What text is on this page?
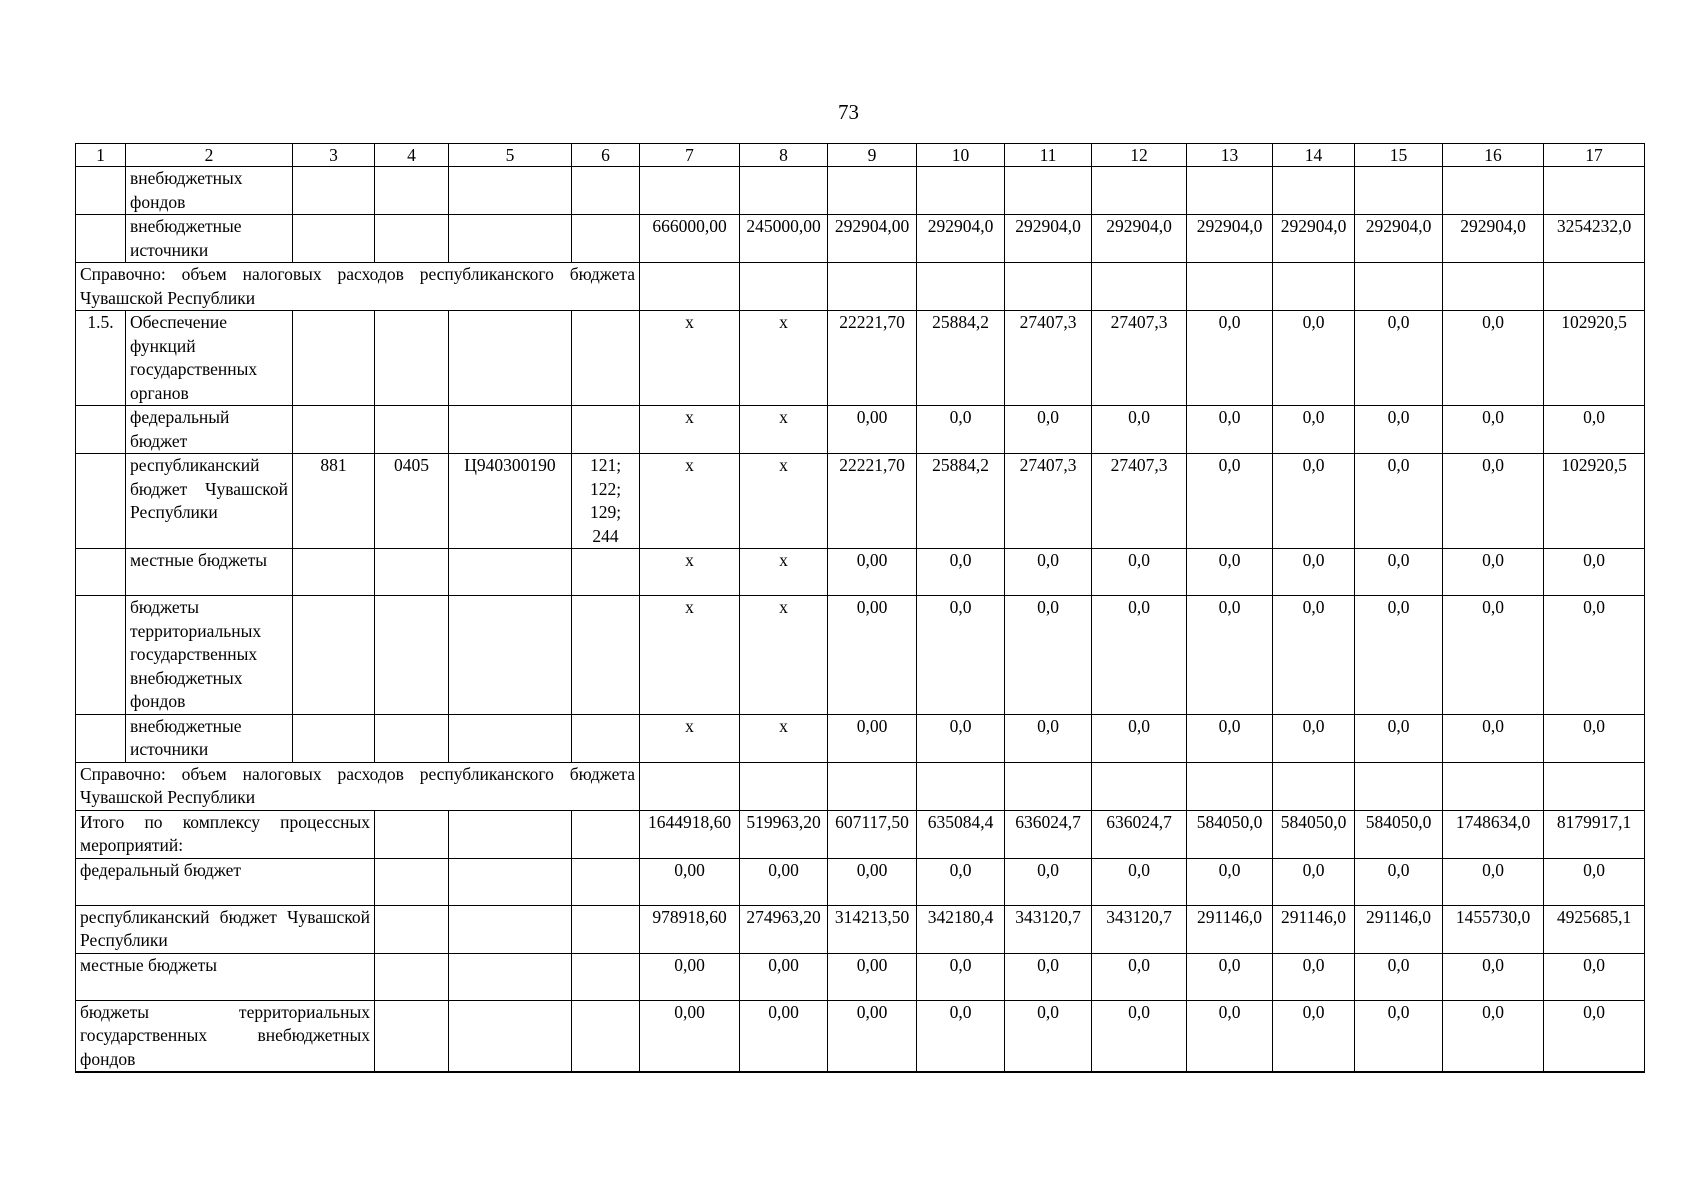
73
1	2	3	4	5	6	7	8	9	10	11	12	13	14	15	16	17
	внебюджетных фондов															
	внебюджетные источники					666000,00	245000,00	292904,00	292904,0	292904,0	292904,0	292904,0	292904,0	292904,0	292904,0	3254232,0
Справочно: объем налоговых расходов республиканского бюджета Чувашской Республики																
1.5.	Обеспечение функций государственных органов					x	x	22221,70	25884,2	27407,3	27407,3	0,0	0,0	0,0	0,0	102920,5
	федеральный бюджет					x	x	0,00	0,0	0,0	0,0	0,0	0,0	0,0	0,0	0,0
	республиканский бюджет Чувашской Республики	881	0405	Ц940300190	121; 122; 129; 244	x	x	22221,70	25884,2	27407,3	27407,3	0,0	0,0	0,0	0,0	102920,5
	местные бюджеты					x	x	0,00	0,0	0,0	0,0	0,0	0,0	0,0	0,0	0,0
	бюджеты территориальных государственных внебюджетных фондов					x	x	0,00	0,0	0,0	0,0	0,0	0,0	0,0	0,0	0,0
	внебюджетные источники					x	x	0,00	0,0	0,0	0,0	0,0	0,0	0,0	0,0	0,0
Справочно: объем налоговых расходов республиканского бюджета Чувашской Республики																
Итого по комплексу процессных мероприятий:						1644918,60	519963,20	607117,50	635084,4	636024,7	636024,7	584050,0	584050,0	584050,0	1748634,0	8179917,1
федеральный бюджет						0,00	0,00	0,00	0,0	0,0	0,0	0,0	0,0	0,0	0,0	0,0
республиканский бюджет Чувашской Республики						978918,60	274963,20	314213,50	342180,4	343120,7	343120,7	291146,0	291146,0	291146,0	1455730,0	4925685,1
местные бюджеты						0,00	0,00	0,00	0,0	0,0	0,0	0,0	0,0	0,0	0,0	0,0
бюджеты территориальных государственных внебюджетных фондов						0,00	0,00	0,00	0,0	0,0	0,0	0,0	0,0	0,0	0,0	0,0
